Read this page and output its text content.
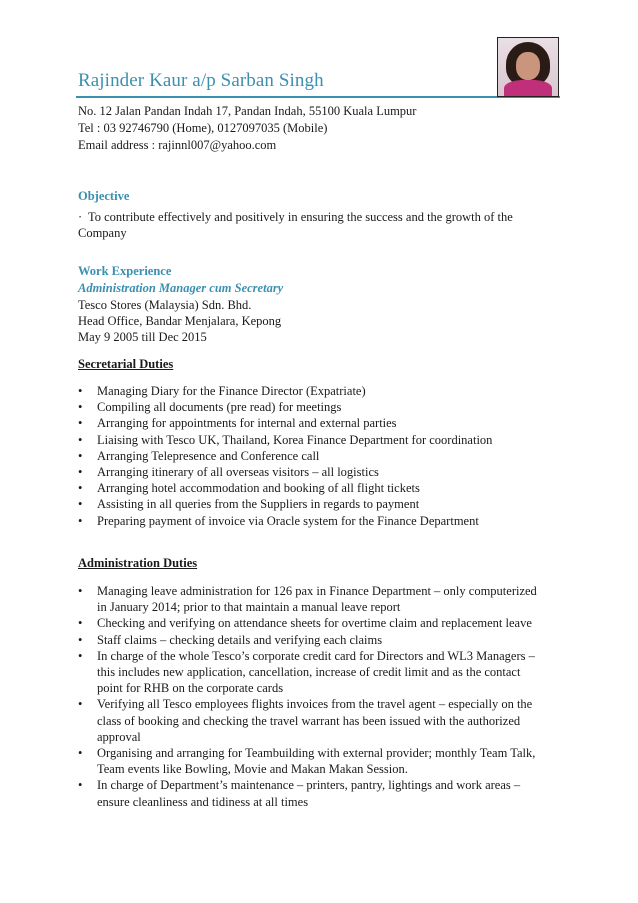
Rajinder Kaur a/p Sarban Singh
No. 12 Jalan Pandan Indah 17, Pandan Indah, 55100 Kuala Lumpur
Tel : 03 92746790 (Home), 0127097035 (Mobile)
Email address : rajinnl007@yahoo.com
Objective
· To contribute effectively and positively in ensuring the success and the growth of the Company
Work Experience
Administration Manager cum Secretary
Tesco Stores (Malaysia) Sdn. Bhd.
Head Office, Bandar Menjalara, Kepong
May 9 2005 till Dec 2015
Secretarial Duties
• Managing Diary for the Finance Director (Expatriate)
• Compiling all documents (pre read) for meetings
• Arranging for appointments for internal and external parties
• Liaising with Tesco UK, Thailand, Korea Finance Department for coordination
• Arranging Telepresence and Conference call
• Arranging itinerary of all overseas visitors – all logistics
• Arranging hotel accommodation and booking of all flight tickets
• Assisting in all queries from the Suppliers in regards to payment
• Preparing payment of invoice via Oracle system for the Finance Department
Administration Duties
• Managing leave administration for 126 pax in Finance Department – only computerized in January 2014; prior to that maintain a manual leave report
• Checking and verifying on attendance sheets for overtime claim and replacement leave
• Staff claims – checking details and verifying each claims
• In charge of the whole Tesco’s corporate credit card for Directors and WL3 Managers – this includes new application, cancellation, increase of credit limit and as the contact point for RHB on the corporate cards
• Verifying all Tesco employees flights invoices from the travel agent – especially on the class of booking and checking the travel warrant has been issued with the authorized approval
• Organising and arranging for Teambuilding with external provider; monthly Team Talk, Team events like Bowling, Movie and Makan Makan Session.
• In charge of Department’s maintenance – printers, pantry, lightings and work areas – ensure cleanliness and tidiness at all times
